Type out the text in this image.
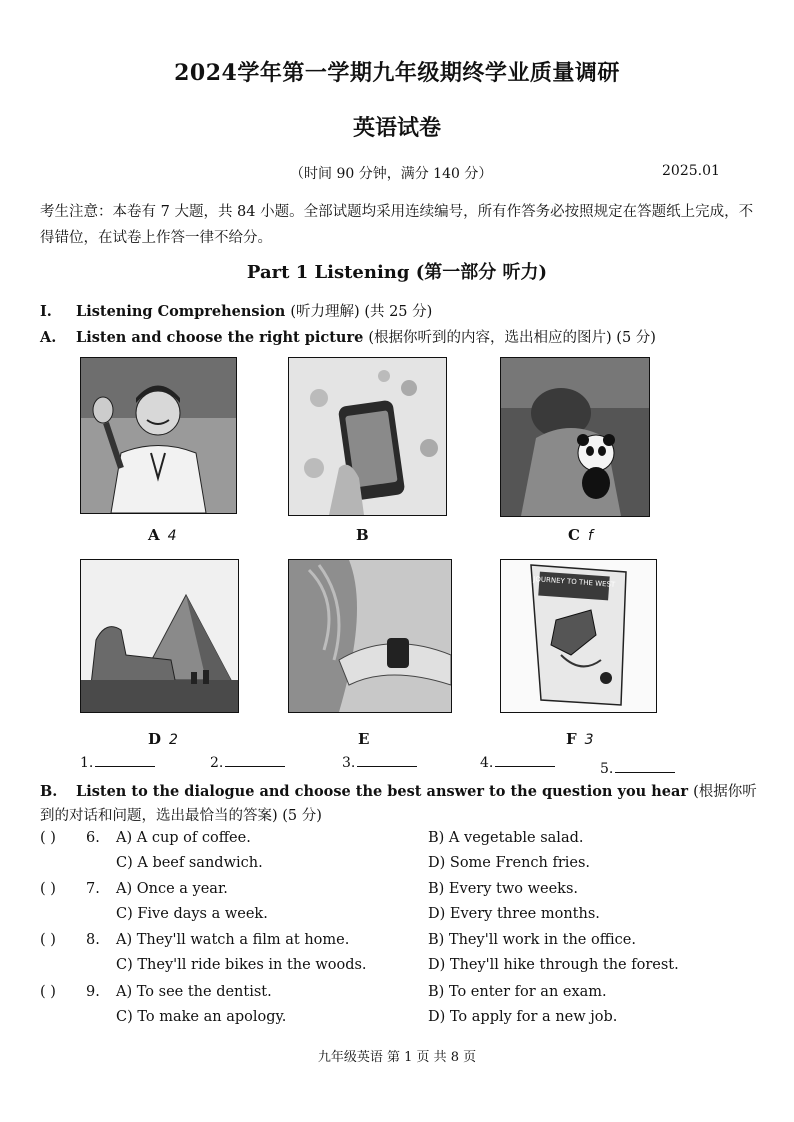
2024学年第一学期九年级期终学业质量调研
英语试卷
（时间 90 分钟，满分 140 分）	2025.01
考生注意：本卷有 7 大题，共 84 小题。全部试题均采用连续编号，所有作答务必按照规定在答题纸上完成，不得错位，在试卷上作答一律不给分。
Part 1 Listening (第一部分 听力)
I. Listening Comprehension (听力理解) (共 25 分)
A. Listen and choose the right picture (根据你听到的内容，选出相应的图片) (5 分)
A 4	B	C f
D 2	E
JOURNEY TO THE WEST
F 3
1.	2.	3.	4.	5.
B. Listen to the dialogue and choose the best answer to the question you hear (根据你听到的对话和问题，选出最恰当的答案) (5 分)
( ) 6. A) A cup of coffee.	B) A vegetable salad.
C) A beef sandwich.	D) Some French fries.
( ) 7. A) Once a year.	B) Every two weeks.
C) Five days a week.	D) Every three months.
( ) 8. A) They'll watch a film at home.	B) They'll work in the office.
C) They'll ride bikes in the woods.	D) They'll hike through the forest.
( ) 9. A) To see the dentist.	B) To enter for an exam.
C) To make an apology.	D) To apply for a new job.
九年级英语 第 1 页 共 8 页
